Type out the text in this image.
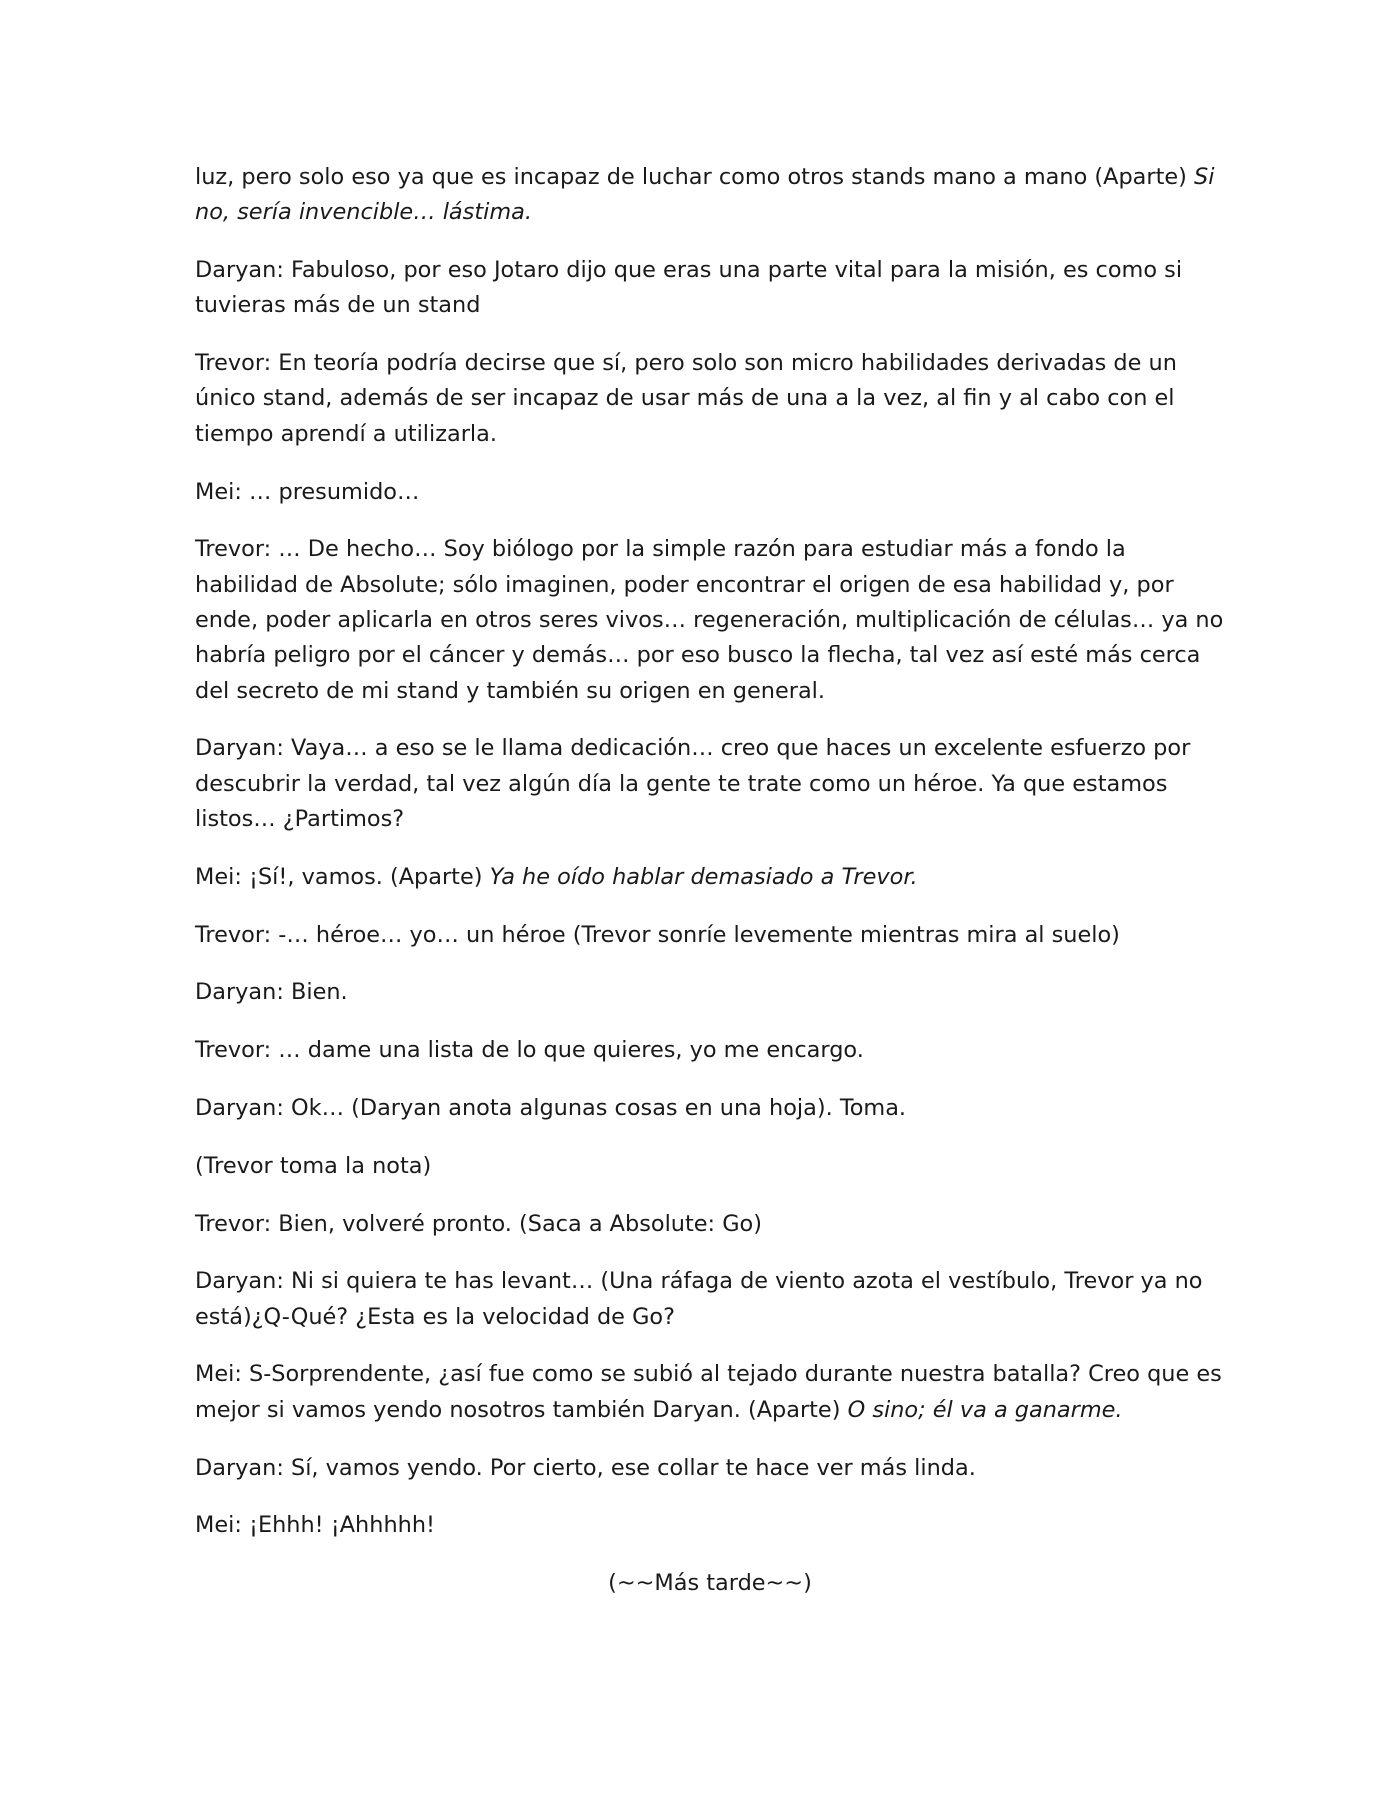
luz, pero solo eso ya que es incapaz de luchar como otros stands mano a mano (Aparte) Si no, sería invencible… lástima.

Daryan: Fabuloso, por eso Jotaro dijo que eras una parte vital para la misión, es como si tuvieras más de un stand

Trevor: En teoría podría decirse que sí, pero solo son micro habilidades derivadas de un único stand, además de ser incapaz de usar más de una a la vez, al fin y al cabo con el tiempo aprendí a utilizarla.

Mei: … presumido…

Trevor: … De hecho… Soy biólogo por la simple razón para estudiar más a fondo la habilidad de Absolute; sólo imaginen, poder encontrar el origen de esa habilidad y, por ende, poder aplicarla en otros seres vivos… regeneración, multiplicación de células… ya no habría peligro por el cáncer y demás… por eso busco la flecha, tal vez así esté más cerca del secreto de mi stand y también su origen en general.

Daryan: Vaya… a eso se le llama dedicación… creo que haces un excelente esfuerzo por descubrir la verdad, tal vez algún día la gente te trate como un héroe. Ya que estamos listos… ¿Partimos?

Mei: ¡Sí!, vamos. (Aparte) Ya he oído hablar demasiado a Trevor.

Trevor: -… héroe… yo… un héroe (Trevor sonríe levemente mientras mira al suelo)

Daryan: Bien.

Trevor: … dame una lista de lo que quieres, yo me encargo.

Daryan: Ok… (Daryan anota algunas cosas en una hoja). Toma.

(Trevor toma la nota)

Trevor: Bien, volveré pronto. (Saca a Absolute: Go)

Daryan: Ni si quiera te has levant… (Una ráfaga de viento azota el vestíbulo, Trevor ya no está)¿Q-Qué? ¿Esta es la velocidad de Go?

Mei: S-Sorprendente, ¿así fue como se subió al tejado durante nuestra batalla? Creo que es mejor si vamos yendo nosotros también Daryan. (Aparte) O sino; él va a ganarme.

Daryan: Sí, vamos yendo. Por cierto, ese collar te hace ver más linda.

Mei: ¡Ehhh! ¡Ahhhhh!

(~~Más tarde~~)
